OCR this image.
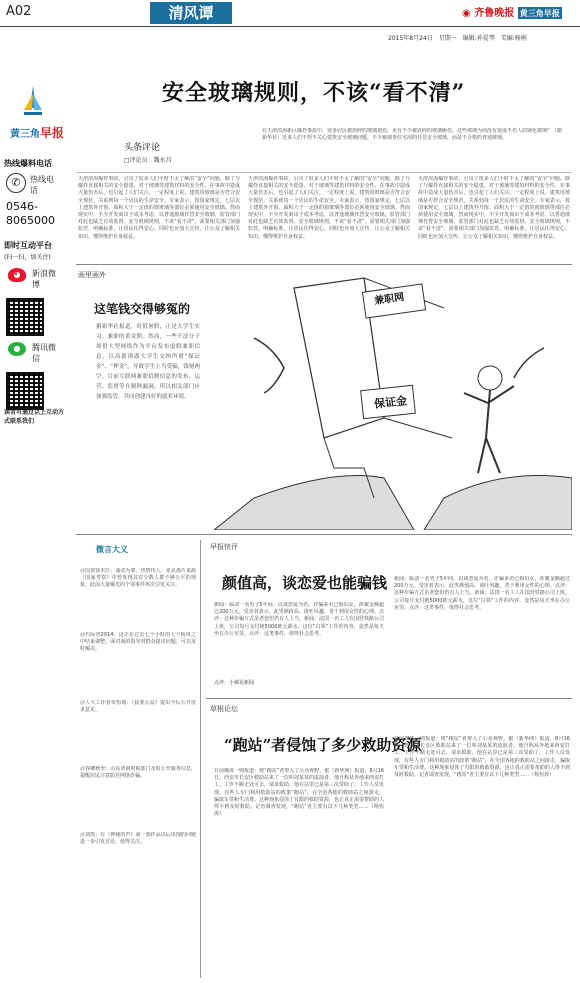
A02	清风谭	◉ 齐鲁晚报 黄三角早报
2015年8月24日　星期一　编辑:孙爱琴　美编:杨刚
黄三角早报
热线爆料电话
✆	热线电话
0546-8065000
即时互动平台
(扫一扫，加关注)
◕	新浪微博
●	腾讯微信
读者可通过以上互动方式联系我们
安全玻璃规则，不该“看不清”
头条评论
□评论员　魏永昌
在天津滨海新区爆炸事故中，很多居民被震碎的玻璃划伤，更有不少被震碎的玻璃砸伤。这些玻璃为何没有变成不伤人的钢化玻璃？（据新华社）近来人们不得不关心建筑安全玻璃问题，不少被调查住宅用的并非安全玻璃，而是不合格的普通玻璃。
天津滨海爆炸事故，引出了很多人们平时不太了解的“安全”问题。除了与爆炸直接相关的安全隐患，对于玻璃等建筑材料的安全性，在事故中造成大量伤害后，也引起了人们关注。一定程度上说，建筑用玻璃是否符合安全规范，关系到每一个居民的生命安全。专家表示，按国家规定，七层以上建筑外开窗、面积大于一定值的窗玻璃等部位必须使用安全玻璃。然而现实中，不少开发商出于成本考虑，以普通玻璃代替安全玻璃，监管部门对此也缺乏有效监督。安全玻璃规则，不该“看不清”，需要相关部门加强监管，明确标准，让居民住得安心。同时也应加大宣传，让公众了解相关知识，懂得维护自身权益。
天津滨海爆炸事故，引出了很多人们平时不太了解的“安全”问题。除了与爆炸直接相关的安全隐患，对于玻璃等建筑材料的安全性，在事故中造成大量伤害后，也引起了人们关注。一定程度上说，建筑用玻璃是否符合安全规范，关系到每一个居民的生命安全。专家表示，按国家规定，七层以上建筑外开窗、面积大于一定值的窗玻璃等部位必须使用安全玻璃。然而现实中，不少开发商出于成本考虑，以普通玻璃代替安全玻璃，监管部门对此也缺乏有效监督。安全玻璃规则，不该“看不清”，需要相关部门加强监管，明确标准，让居民住得安心。同时也应加大宣传，让公众了解相关知识，懂得维护自身权益。
天津滨海爆炸事故，引出了很多人们平时不太了解的“安全”问题。除了与爆炸直接相关的安全隐患，对于玻璃等建筑材料的安全性，在事故中造成大量伤害后，也引起了人们关注。一定程度上说，建筑用玻璃是否符合安全规范，关系到每一个居民的生命安全。专家表示，按国家规定，七层以上建筑外开窗、面积大于一定值的窗玻璃等部位必须使用安全玻璃。然而现实中，不少开发商出于成本考虑，以普通玻璃代替安全玻璃，监管部门对此也缺乏有效监督。安全玻璃规则，不该“看不清”，需要相关部门加强监管，明确标准，让居民住得安心。同时也应加大宣传，让公众了解相关知识，懂得维护自身权益。
画里画外
这笔钱交得够冤的
据新华社报道，时值暑假，正是大学生实习、兼职的黄金期。然而，一些不法分子却借大型网络作为平台发布虚假兼职信息，以高薪诱惑大学生交纳所谓“保证金”、“押金”，导致学生上当受骗，钱财两空。目前互联网兼职招聘信息的发布、运营、监督等在制种漏洞，所以相关部门应加强监管，共同创建良好的就业环境。
兼职网
保证金
微言大义
＠国资徐木匠：诚者为尊，热情待人，张从那片来源《国家考察》中曾发现其对少数人群不够公平的现象，此前大量曝光的个别事件再次引发关注。
＠石际省2014：这正在过去七个小时的七个板块之中结束调整，面对面的指导对群众提出问题，可以及时解决。
＠人大工作者朱恒瑕：《我要公益》提出今后公开征求意见。
＠春卿秋季：山东济南财税部门及时公开服务信息，提醒居民注意防范网络诈骗。
＠刘凯：有《神秘的声》第一部作品以后出现的问题进一步引发讨论，值得关注。
早报快评
颜值高，谈恋爱也能骗钱
新闻：临清一名男子5年间，以谈恋爱为名，诈骗多名已婚妇女，涉案金额超过200万元。受害者表示，此男颜值高、谈吐风趣，善于利用女性的心理。点评：这种诈骗方式虽老套但仍有人上当。新闻：法国一名工人在国营铁路公司上班，公司每月支付她5000欧元薪水，这位“白领”工作的内容，竟然是每天坐在办公室里。点评：这类事件，值得社会思考。
新闻：临清一名男子5年间，以谈恋爱为名，诈骗多名已婚妇女，涉案金额超过200万元。受害者表示，此男颜值高、谈吐风趣，善于利用女性的心理。点评：这种诈骗方式虽老套但仍有人上当。新闻：法国一名工人在国营铁路公司上班，公司每月支付她5000欧元薪水，这位“白领”工作的内容，竟然是每天坐在办公室里。点评：这类事件，值得社会思考。
点评：小郝看新闻
草根论坛
“跑站”者侵蚀了多少救助资源
日前媒体一则报道：将“跑站”者带入了公众视野。据（新华网）报道，8月16日，西安市长安区救助站来了一位叫刘某某的流浪者，他自称从外地来西安打工，工作不顺无处可去，请求救助。他在站里已是第三次受助了。工作人员发现，有些人专门利用救助站的政策“跑站”，在全国各地的救助站之间游走，骗取车票和生活费。这种现象侵蚀了有限的救助资源，也让真正需要帮助的人得不到及时救助。记者调查发现，“跑站”者主要有以下几种类型……（杨恒涛）
日前媒体一则报道：将“跑站”者带入了公众视野。据（新华网）报道，8月16日，西安市长安区救助站来了一位叫刘某某的流浪者，他自称从外地来西安打工，工作不顺无处可去，请求救助。他在站里已是第三次受助了。工作人员发现，有些人专门利用救助站的政策“跑站”，在全国各地的救助站之间游走，骗取车票和生活费。这种现象侵蚀了有限的救助资源，也让真正需要帮助的人得不到及时救助。记者调查发现，“跑站”者主要有以下几种类型……（杨恒涛）
